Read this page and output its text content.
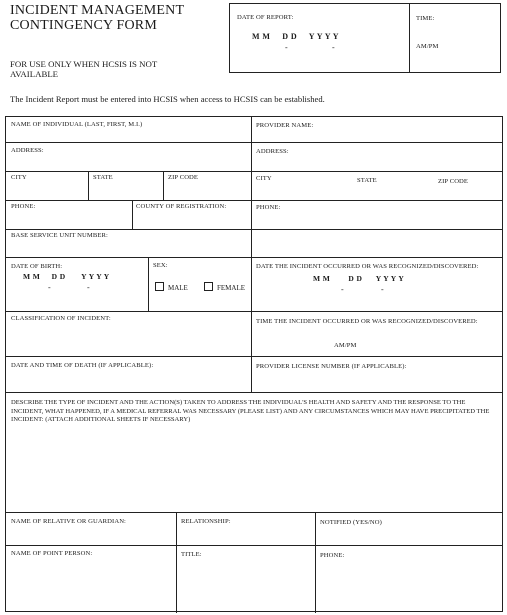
INCIDENT MANAGEMENT
CONTINGENCY FORM
FOR USE ONLY WHEN HCSIS IS NOT
AVAILABLE
The Incident Report must be entered into HCSIS when access to HCSIS can be established.
DATE OF REPORT:
M M     D D     Y Y Y Y
-	-
TIME:
AM/PM
NAME OF INDIVIDUAL (LAST, FIRST, M.I.)	PROVIDER NAME:
ADDRESS:	ADDRESS:
CITY	STATE	ZIP CODE	CITY	STATE	ZIP CODE
PHONE:	COUNTY OF REGISTRATION:	PHONE:
BASE SERVICE UNIT NUMBER:
DATE OF BIRTH:
M M     D D       Y Y Y Y
-	-
SEX:
MALE	FEMALE
DATE THE INCIDENT OCCURRED OR WAS RECOGNIZED/DISCOVERED:
M M        D D      Y Y Y Y
-	-
CLASSIFICATION OF INCIDENT:	TIME THE INCIDENT OCCURRED OR WAS RECOGNIZED/DISCOVERED:
AM/PM
DATE AND TIME OF DEATH (IF APPLICABLE):	PROVIDER LICENSE NUMBER (IF APPLICABLE):
DESCRIBE THE TYPE OF INCIDENT AND THE ACTION(S) TAKEN TO ADDRESS THE INDIVIDUAL'S HEALTH AND SAFETY AND THE RESPONSE TO THE INCIDENT, WHAT HAPPENED, IF A MEDICAL REFERRAL WAS NECESSARY (PLEASE LIST) AND ANY CIRCUMSTANCES WHICH MAY HAVE PRECIPITATED THE INCIDENT: (ATTACH ADDITIONAL SHEETS IF NECESSARY)
NAME OF RELATIVE OR GUARDIAN:	RELATIONSHIP:	NOTIFIED (YES/NO)
NAME OF POINT PERSON:	TITLE:	PHONE:
